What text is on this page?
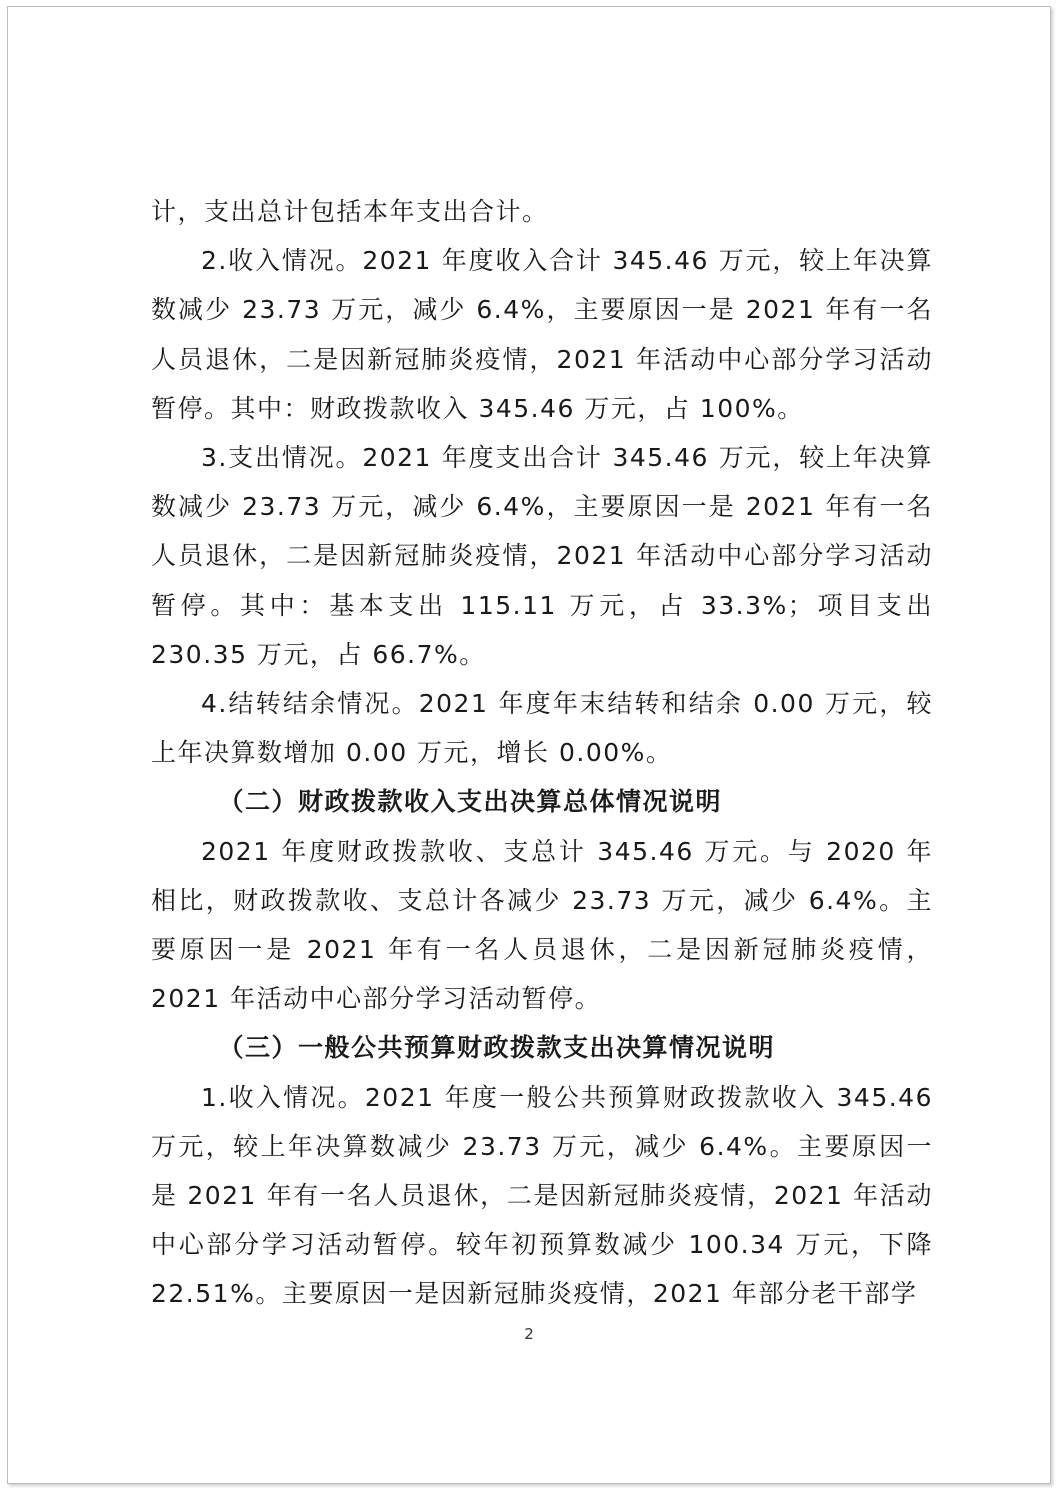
计，支出总计包括本年支出合计。

2.收入情况。2021 年度收入合计 345.46 万元，较上年决算数减少 23.73 万元，减少 6.4%，主要原因一是 2021 年有一名人员退休，二是因新冠肺炎疫情，2021 年活动中心部分学习活动暂停。其中：财政拨款收入 345.46 万元，占 100%。

3.支出情况。2021 年度支出合计 345.46 万元，较上年决算数减少 23.73 万元，减少 6.4%，主要原因一是 2021 年有一名人员退休，二是因新冠肺炎疫情，2021 年活动中心部分学习活动暂停。其中：基本支出 115.11 万元，占 33.3%；项目支出 230.35 万元，占 66.7%。

4.结转结余情况。2021 年度年末结转和结余 0.00 万元，较上年决算数增加 0.00 万元，增长 0.00%。

（二）财政拨款收入支出决算总体情况说明

2021 年度财政拨款收、支总计 345.46 万元。与 2020 年相比，财政拨款收、支总计各减少 23.73 万元，减少 6.4%。主要原因一是 2021 年有一名人员退休，二是因新冠肺炎疫情，2021 年活动中心部分学习活动暂停。

（三）一般公共预算财政拨款支出决算情况说明

1.收入情况。2021 年度一般公共预算财政拨款收入 345.46 万元，较上年决算数减少 23.73 万元，减少 6.4%。主要原因一是 2021 年有一名人员退休，二是因新冠肺炎疫情，2021 年活动中心部分学习活动暂停。较年初预算数减少 100.34 万元，下降 22.51%。主要原因一是因新冠肺炎疫情，2021 年部分老干部学

2
